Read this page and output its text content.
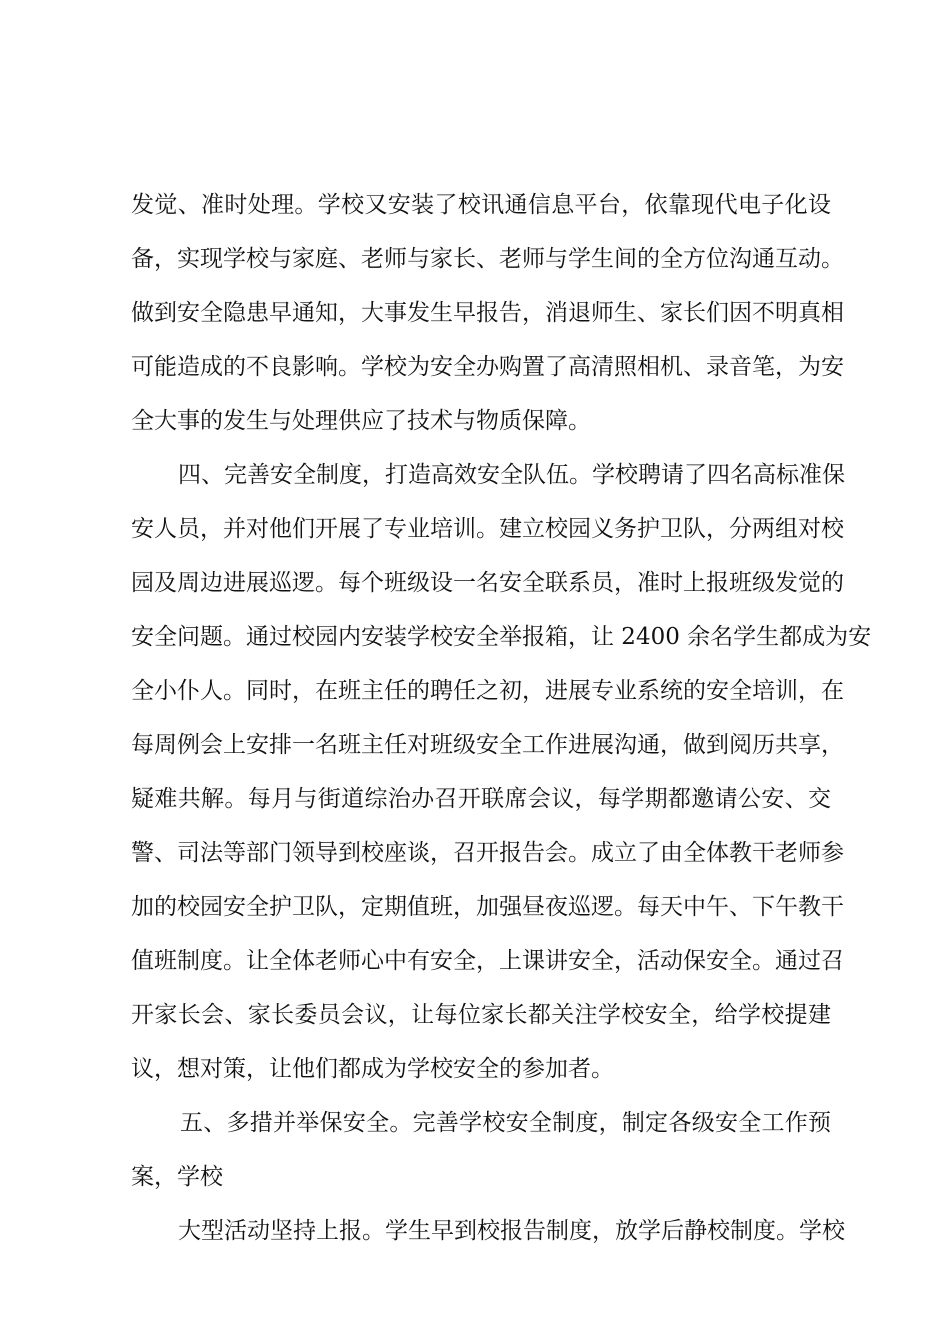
发觉、准时处理。学校又安装了校讯通信息平台，依靠现代电子化设
备，实现学校与家庭、老师与家长、老师与学生间的全方位沟通互动。
做到安全隐患早通知，大事发生早报告，消退师生、家长们因不明真相
可能造成的不良影响。学校为安全办购置了高清照相机、录音笔，为安
全大事的发生与处理供应了技术与物质保障。
四、完善安全制度，打造高效安全队伍。学校聘请了四名高标准保
安人员，并对他们开展了专业培训。建立校园义务护卫队，分两组对校
园及周边进展巡逻。每个班级设一名安全联系员，准时上报班级发觉的
安全问题。通过校园内安装学校安全举报箱，让 2400 余名学生都成为安
全小仆人。同时，在班主任的聘任之初，进展专业系统的安全培训，在
每周例会上安排一名班主任对班级安全工作进展沟通，做到阅历共享，
疑难共解。每月与街道综治办召开联席会议，每学期都邀请公安、交
警、司法等部门领导到校座谈，召开报告会。成立了由全体教干老师参
加的校园安全护卫队，定期值班，加强昼夜巡逻。每天中午、下午教干
值班制度。让全体老师心中有安全，上课讲安全，活动保安全。通过召
开家长会、家长委员会议，让每位家长都关注学校安全，给学校提建
议，想对策，让他们都成为学校安全的参加者。
五、多措并举保安全。完善学校安全制度，制定各级安全工作预
案，学校
大型活动坚持上报。学生早到校报告制度，放学后静校制度。学校
